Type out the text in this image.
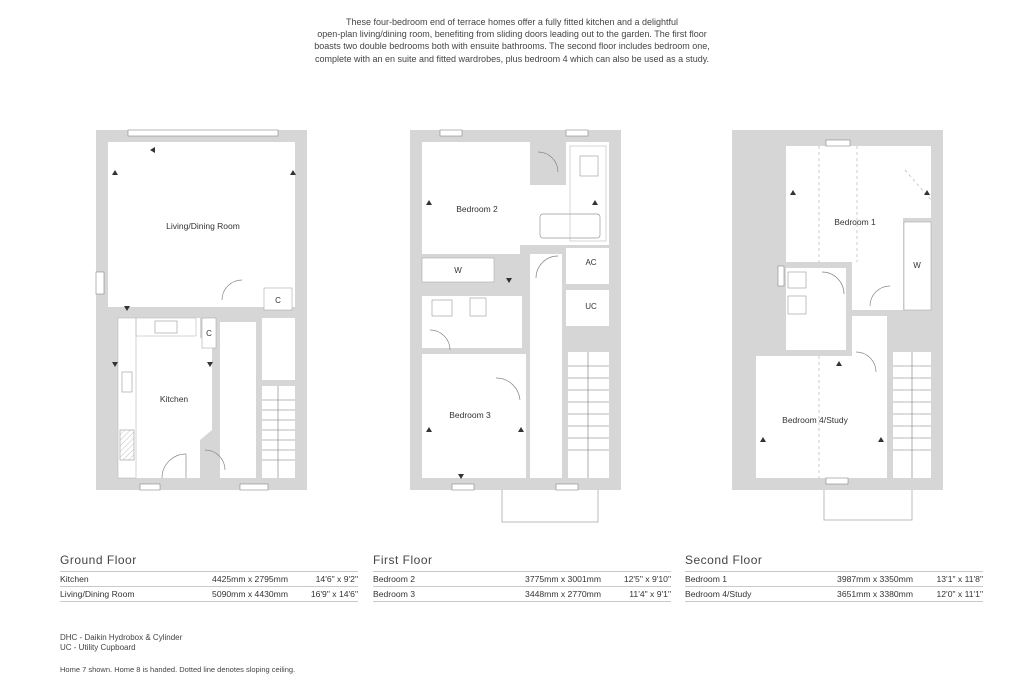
These four-bedroom end of terrace homes offer a fully fitted kitchen and a delightful
open-plan living/dining room, benefiting from sliding doors leading out to the garden. The first floor
boasts two double bedrooms both with ensuite bathrooms. The second floor includes bedroom one,
complete with an en suite and fitted wardrobes, plus bedroom 4 which can also be used as a study.
Living/Dining Room
Kitchen
C
C
Bedroom 2
Bedroom 3
W
AC
UC
Bedroom 1
Bedroom 4/Study
W
Ground Floor
Kitchen	4425mm x 2795mm	14'6" x 9'2"
Living/Dining Room	5090mm x 4430mm	16'9" x 14'6"
First Floor
Bedroom 2	3775mm x 3001mm	12'5" x 9'10"
Bedroom 3	3448mm x 2770mm	11'4" x 9'1"
Second Floor
Bedroom 1	3987mm x 3350mm	13'1" x 11'8"
Bedroom 4/Study	3651mm x 3380mm	12'0" x 11'1"
DHC - Daikin Hydrobox & Cylinder
UC - Utility Cupboard
Home 7 shown. Home 8 is handed. Dotted line denotes sloping ceiling.
